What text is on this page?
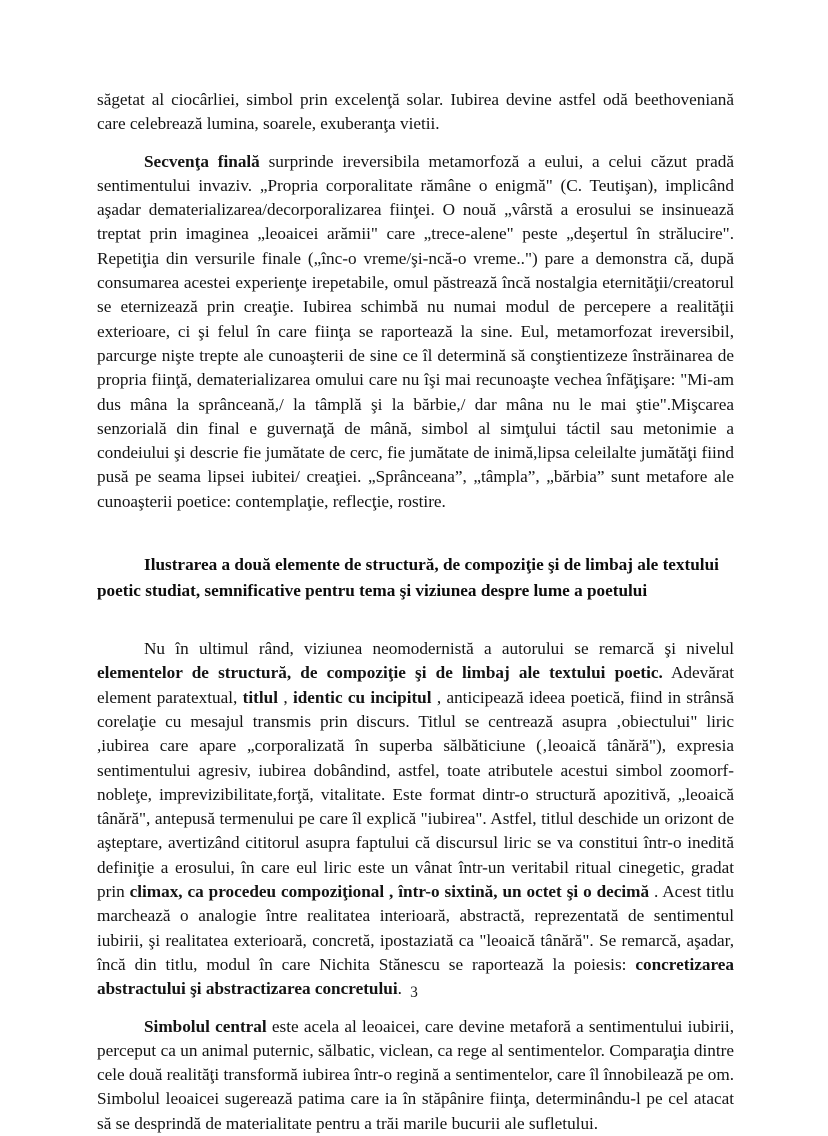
săgetat al ciocârliei, simbol prin excelenţă solar. Iubirea devine astfel odă beethoveniană care celebrează lumina, soarele, exuberanţa vietii.

Secvenţa finală surprinde ireversibila metamorfoză a eului, a celui căzut pradă sentimentului invaziv. „Propria corporalitate rămâne o enigmă" (C. Teutişan), implicând aşadar dematerializarea/decorporalizarea fiinţei. O nouă „vârstă a erosului se insinuează treptat prin imaginea „leoaicei arămii" care „trece-alene" peste „deşertul în strălucire". Repetiţia din versurile finale („înc-o vreme/şi-ncă-o vreme..") pare a demonstra că, după consumarea acestei experienţe irepetabile, omul păstrează încă nostalgia eternităţii/creatorul se eternizează prin creaţie. Iubirea schimbă nu numai modul de percepere a realităţii exterioare, ci şi felul în care fiinţa se raportează la sine. Eul, metamorfozat ireversibil, parcurge nişte trepte ale cunoaşterii de sine ce îl determină să conştientizeze înstrăinarea de propria fiinţă, dematerializarea omului care nu îşi mai recunoaşte vechea înfăţişare: "Mi-am dus mâna la sprânceană,/ la tâmplă şi la bărbie,/ dar mâna nu le mai ştie".Mişcarea senzorială din final e guvernaţă de mână, simbol al simţului táctil sau metonimie a condeiului şi descrie fie jumătate de cerc, fie jumătate de inimă,lipsa celeilalte jumătăţi fiind pusă pe seama lipsei iubitei/ creaţiei. „Sprânceana”, „tâmpla”, „bărbia” sunt metafore ale cunoaşterii poetice: contemplaţie, reflecţie, rostire.

Ilustrarea a două elemente de structură, de compoziţie şi de limbaj ale textului poetic studiat, semnificative pentru tema şi viziunea despre lume a poetului

Nu în ultimul rând, viziunea neomodernistă a autorului se remarcă şi nivelul elementelor de structură, de compoziţie şi de limbaj ale textului poetic. Adevărat element paratextual, titlul , identic cu incipitul , anticipează ideea poetică, fiind in strânsă corelaţie cu mesajul transmis prin discurs. Titlul se centrează asupra ‚obiectului" liric ,iubirea care apare „corporalizată în superba sălbăticiune (‚leoaică tânără"), expresia sentimentului agresiv, iubirea dobândind, astfel, toate atributele acestui simbol zoomorf- nobleţe, imprevizibilitate,forţă, vitalitate. Este format dintr-o structură apozitivă, „leoaică tânără", antepusă termenului pe care îl explică "iubirea". Astfel, titlul deschide un orizont de aşteptare, avertizând cititorul asupra faptului că discursul liric se va constitui într-o inedită definiţie a erosului, în care eul liric este un vânat într-un veritabil ritual cinegetic, gradat prin climax, ca procedeu compoziţional , într-o sixtină, un octet şi o decimă . Acest titlu marchează o analogie între realitatea interioară, abstractă, reprezentată de sentimentul iubirii, şi realitatea exterioară, concretă, ipostaziată ca "leoaică tânără". Se remarcă, aşadar, încă din titlu, modul în care Nichita Stănescu se raportează la poiesis: concretizarea abstractului şi abstractizarea concretului.

Simbolul central este acela al leoaicei, care devine metaforă a sentimentului iubirii, perceput ca un animal puternic, sălbatic, viclean, ca rege al sentimentelor. Comparaţia dintre cele două realităţi transformă iubirea într-o regină a sentimentelor, care îl înnobilează pe om. Simbolul leoaicei sugerează patima care ia în stăpânire fiinţa, determinându-l pe cel atacat să se desprindă de materialitate pentru a trăi marile bucurii ale sufletului.

3
